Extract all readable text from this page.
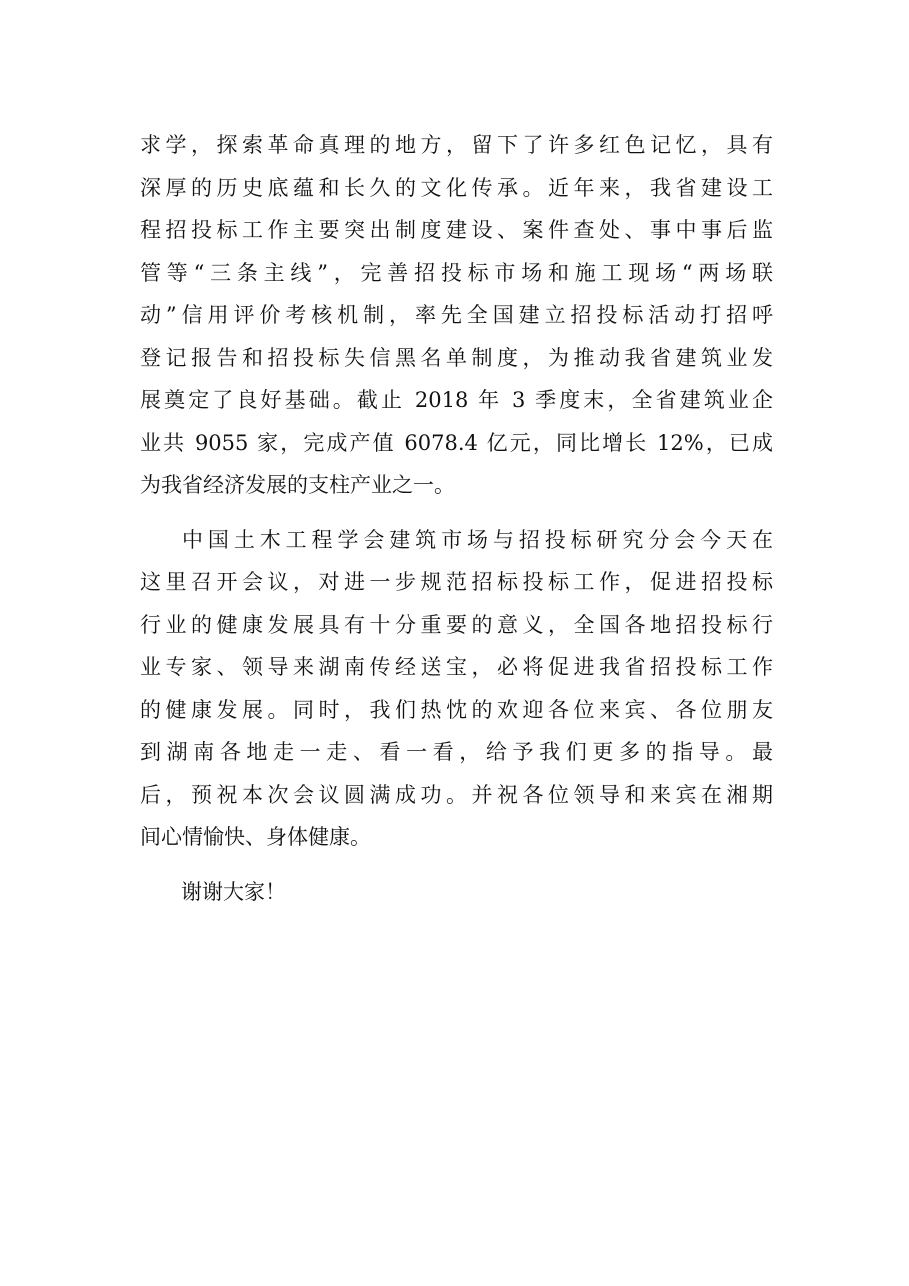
求学，探索革命真理的地方，留下了许多红色记忆，具有
深厚的历史底蕴和长久的文化传承。近年来，我省建设工
程招投标工作主要突出制度建设、案件查处、事中事后监
管等“三条主线”，完善招投标市场和施工现场“两场联
动”信用评价考核机制，率先全国建立招投标活动打招呼
登记报告和招投标失信黑名单制度，为推动我省建筑业发
展奠定了良好基础。截止 2018 年 3 季度末，全省建筑业企
业共 9055 家，完成产值 6078.4 亿元，同比增长 12%，已成
为我省经济发展的支柱产业之一。
中国土木工程学会建筑市场与招投标研究分会今天在
这里召开会议，对进一步规范招标投标工作，促进招投标
行业的健康发展具有十分重要的意义，全国各地招投标行
业专家、领导来湖南传经送宝，必将促进我省招投标工作
的健康发展。同时，我们热忱的欢迎各位来宾、各位朋友
到湖南各地走一走、看一看，给予我们更多的指导。最
后，预祝本次会议圆满成功。并祝各位领导和来宾在湘期
间心情愉快、身体健康。
谢谢大家！
